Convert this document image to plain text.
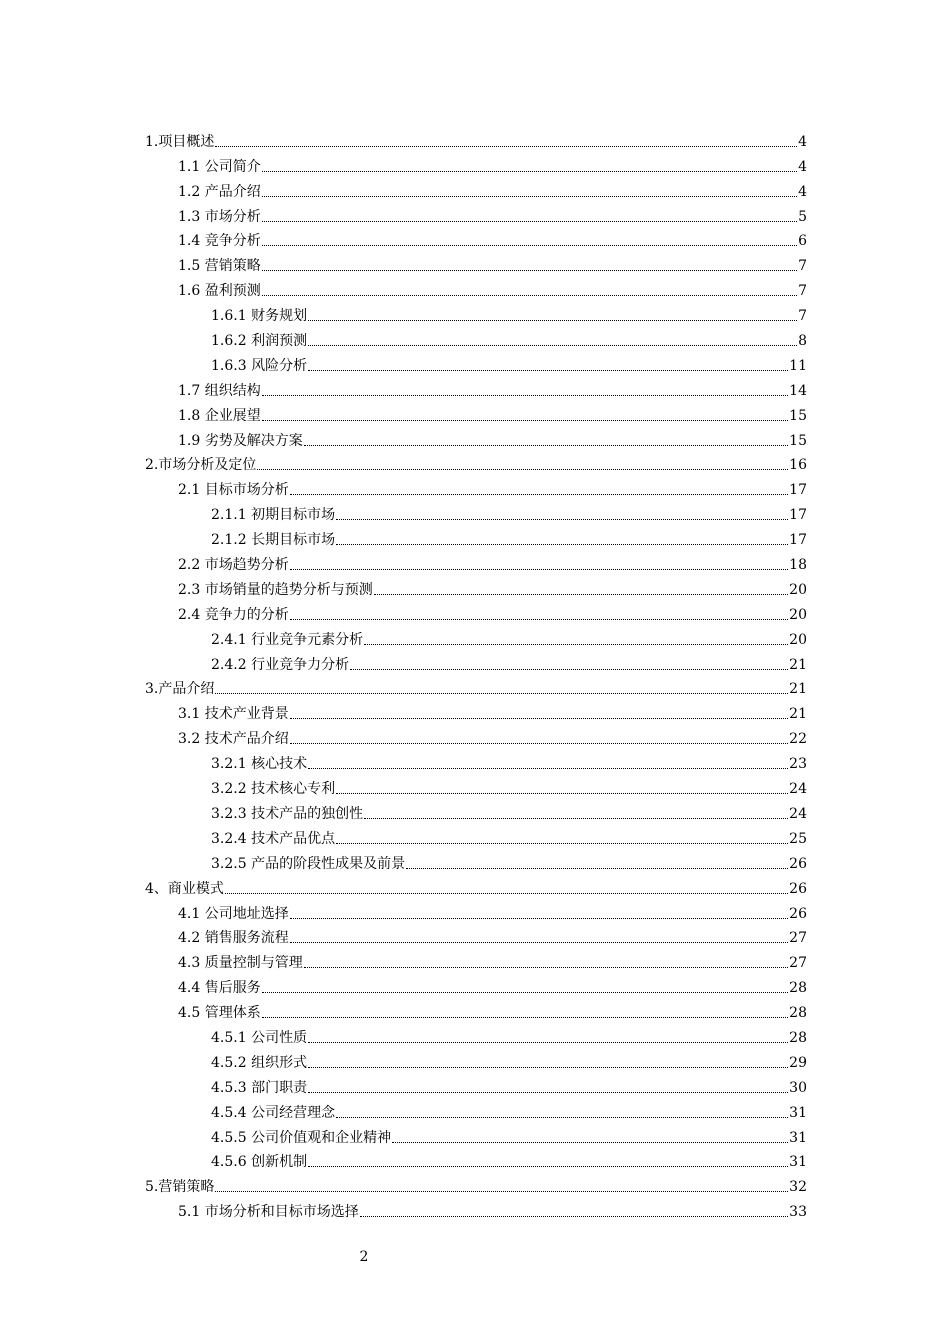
1.项目概述	4
1.1 公司简介	4
1.2 产品介绍	4
1.3 市场分析	5
1.4 竞争分析	6
1.5 营销策略	7
1.6 盈利预测	7
1.6.1 财务规划	7
1.6.2 利润预测	8
1.6.3 风险分析	11
1.7 组织结构	14
1.8 企业展望	15
1.9 劣势及解决方案	15
2.市场分析及定位	16
2.1 目标市场分析	17
2.1.1 初期目标市场	17
2.1.2 长期目标市场	17
2.2 市场趋势分析	18
2.3 市场销量的趋势分析与预测	20
2.4 竞争力的分析	20
2.4.1 行业竞争元素分析	20
2.4.2 行业竞争力分析	21
3.产品介绍	21
3.1 技术产业背景	21
3.2 技术产品介绍	22
3.2.1 核心技术	23
3.2.2 技术核心专利	24
3.2.3 技术产品的独创性	24
3.2.4 技术产品优点	25
3.2.5 产品的阶段性成果及前景	26
4、商业模式	26
4.1 公司地址选择	26
4.2 销售服务流程	27
4.3 质量控制与管理	27
4.4 售后服务	28
4.5 管理体系	28
4.5.1 公司性质	28
4.5.2 组织形式	29
4.5.3 部门职责	30
4.5.4 公司经营理念	31
4.5.5 公司价值观和企业精神	31
4.5.6 创新机制	31
5.营销策略	32
5.1 市场分析和目标市场选择	33
2
